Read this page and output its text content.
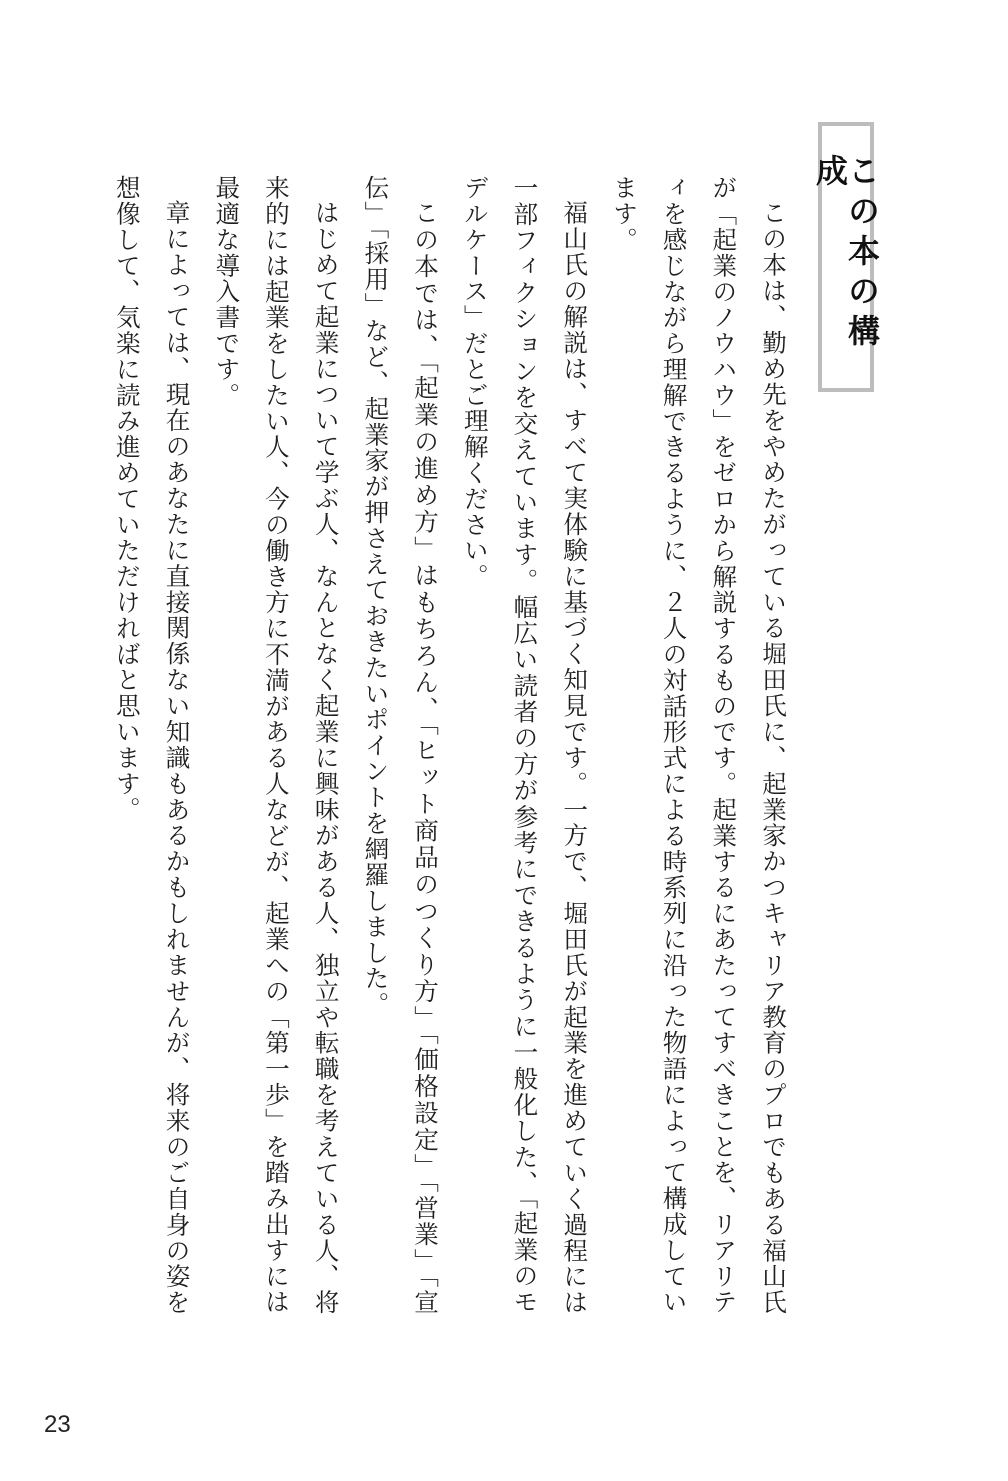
この本の構成

この本は、勤め先をやめたがっている堀田氏に、起業家かつキャリア教育のプロでもある福山氏が「起業のノウハウ」をゼロから解説するものです。起業するにあたってすべきことを、リアリティを感じながら理解できるように、２人の対話形式による時系列に沿った物語によって構成しています。

福山氏の解説は、すべて実体験に基づく知見です。一方で、堀田氏が起業を進めていく過程には一部フィクションを交えています。幅広い読者の方が参考にできるように一般化した、「起業のモデルケース」だとご理解ください。

この本では、「起業の進め方」はもちろん、「ヒット商品のつくり方」「価格設定」「営業」「宣伝」「採用」など、起業家が押さえておきたいポイントを網羅しました。

はじめて起業について学ぶ人、なんとなく起業に興味がある人、独立や転職を考えている人、将来的には起業をしたい人、今の働き方に不満がある人などが、起業への「第一歩」を踏み出すには最適な導入書です。

章によっては、現在のあなたに直接関係ない知識もあるかもしれませんが、将来のご自身の姿を想像して、気楽に読み進めていただければと思います。

23
